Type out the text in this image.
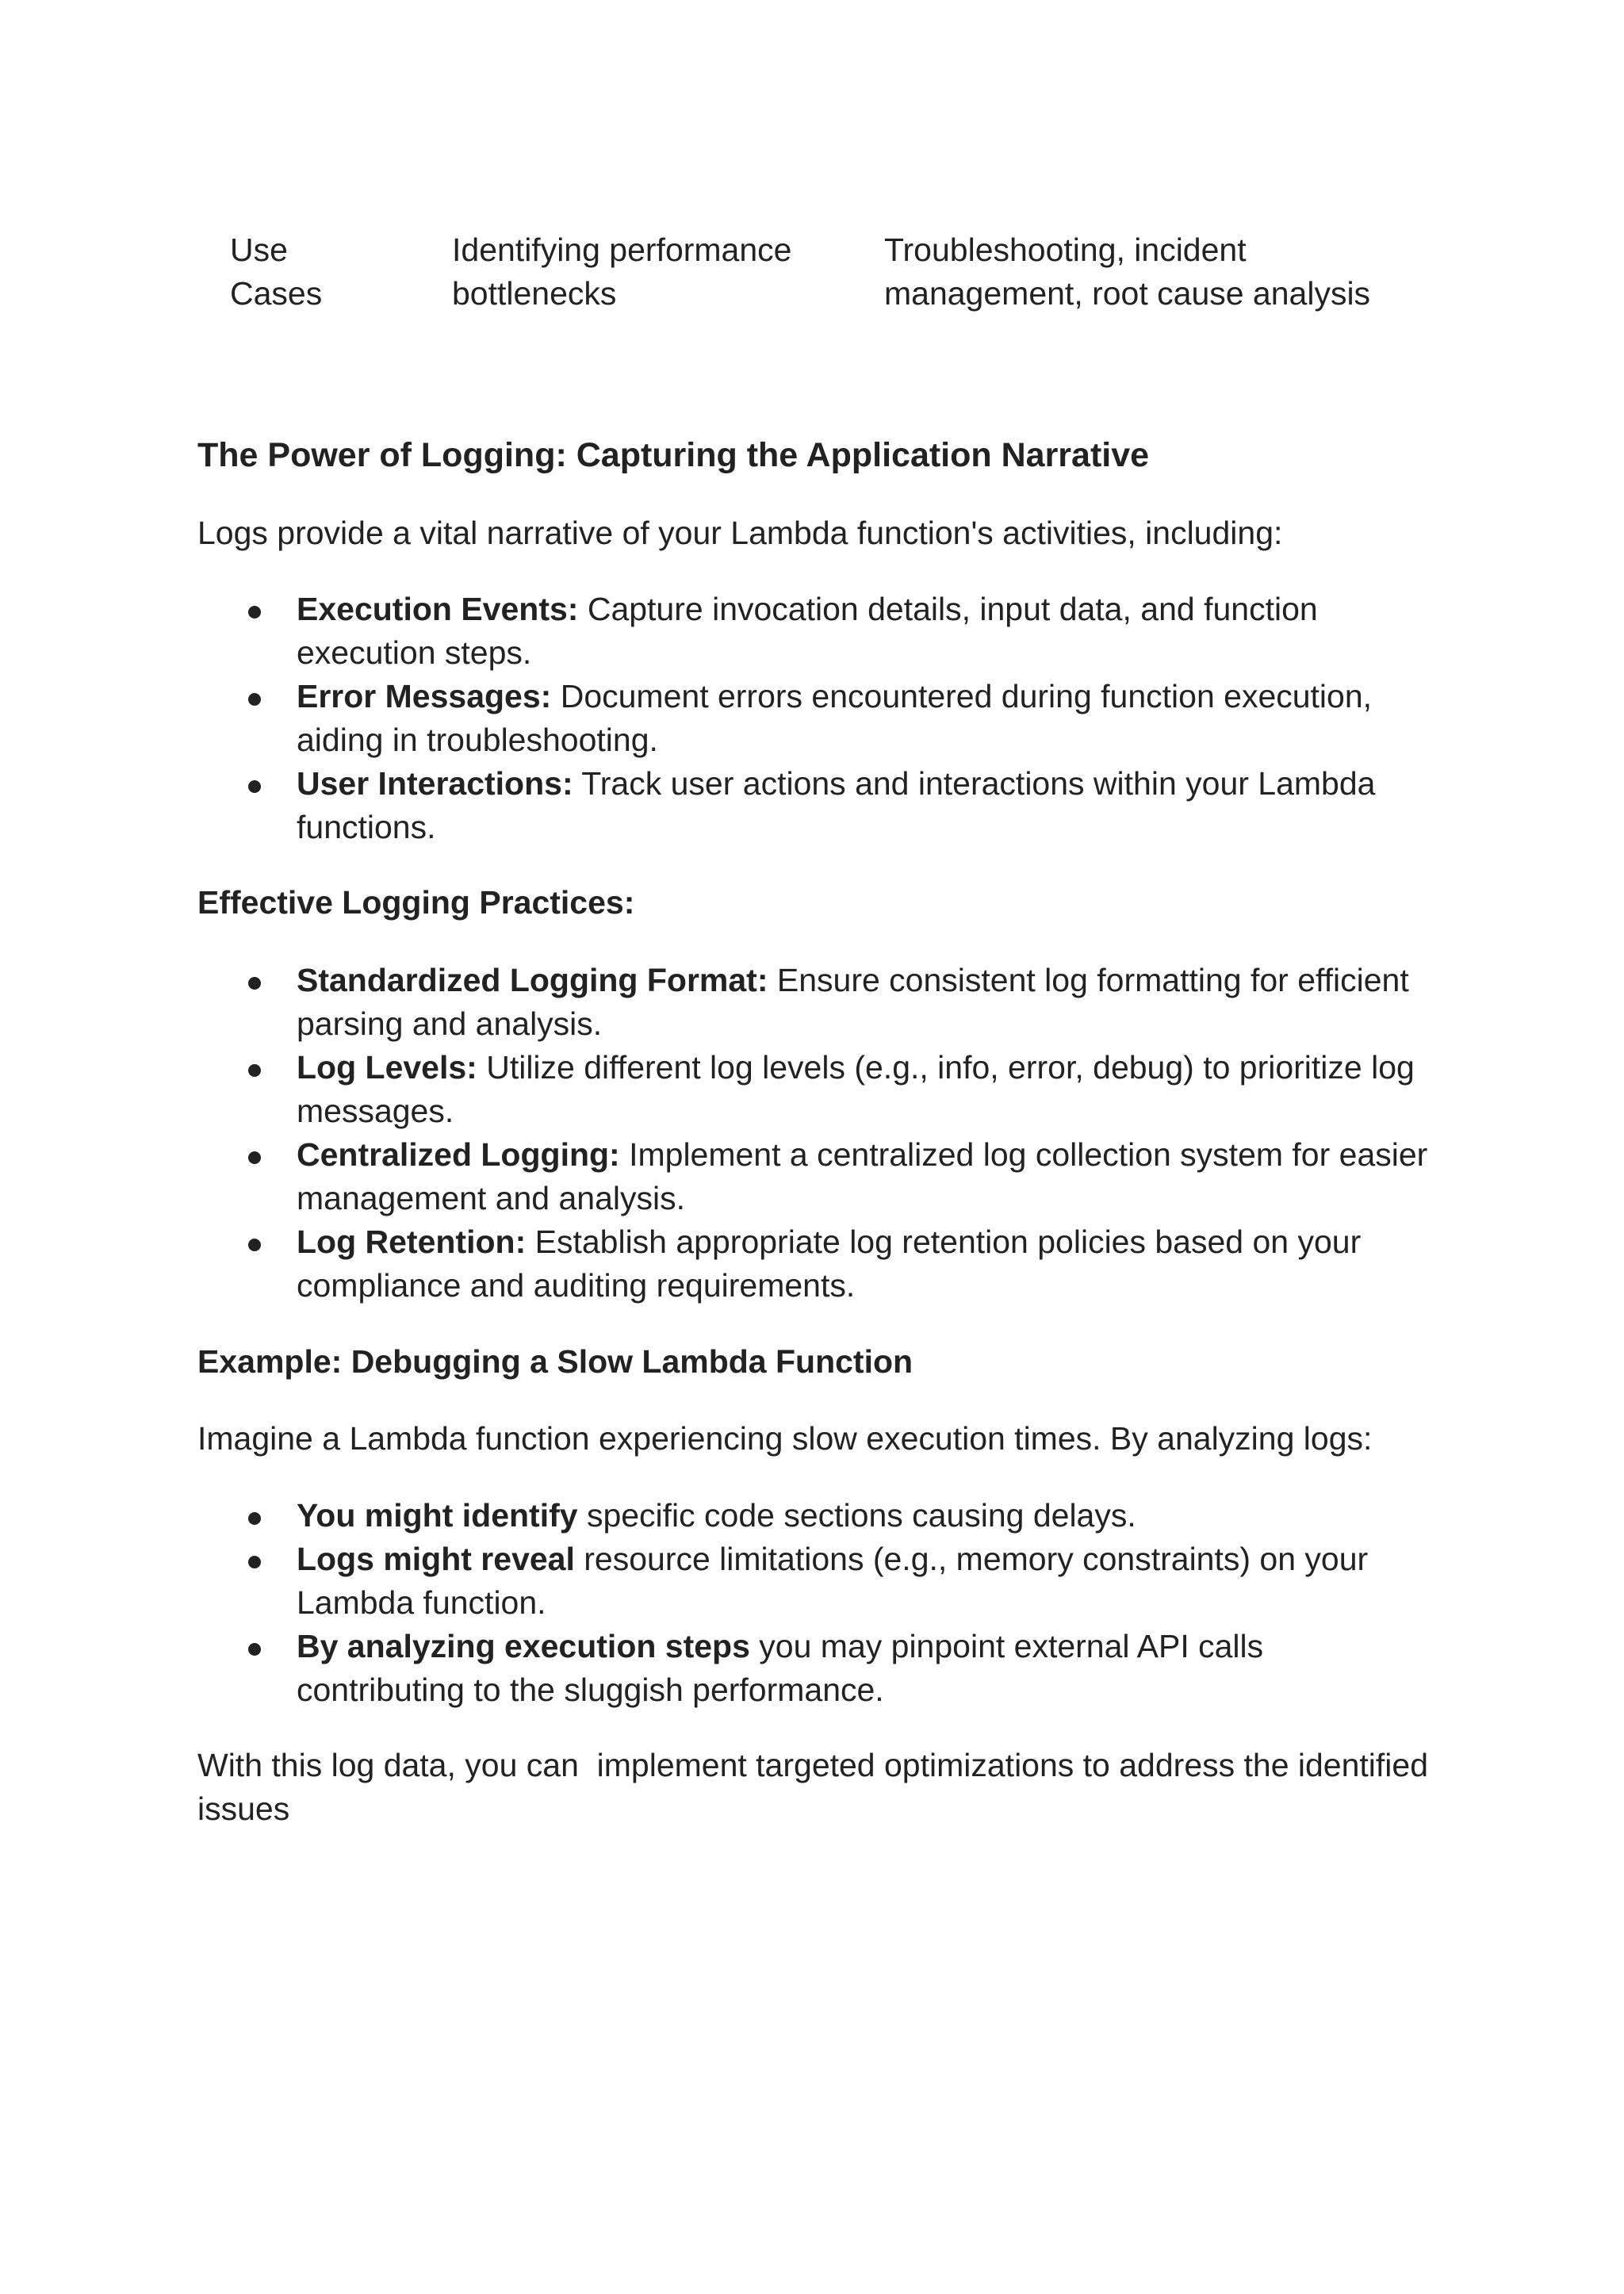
Use
Cases
Identifying performance
bottlenecks
Troubleshooting, incident
management, root cause analysis
The Power of Logging: Capturing the Application Narrative
Logs provide a vital narrative of your Lambda function's activities, including:
Execution Events: Capture invocation details, input data, and function execution steps.
Error Messages: Document errors encountered during function execution, aiding in troubleshooting.
User Interactions: Track user actions and interactions within your Lambda functions.
Effective Logging Practices:
Standardized Logging Format: Ensure consistent log formatting for efficient parsing and analysis.
Log Levels: Utilize different log levels (e.g., info, error, debug) to prioritize log messages.
Centralized Logging: Implement a centralized log collection system for easier management and analysis.
Log Retention: Establish appropriate log retention policies based on your compliance and auditing requirements.
Example: Debugging a Slow Lambda Function
Imagine a Lambda function experiencing slow execution times. By analyzing logs:
You might identify specific code sections causing delays.
Logs might reveal resource limitations (e.g., memory constraints) on your Lambda function.
By analyzing execution steps you may pinpoint external API calls contributing to the sluggish performance.
With this log data, you can  implement targeted optimizations to address the identified issues
